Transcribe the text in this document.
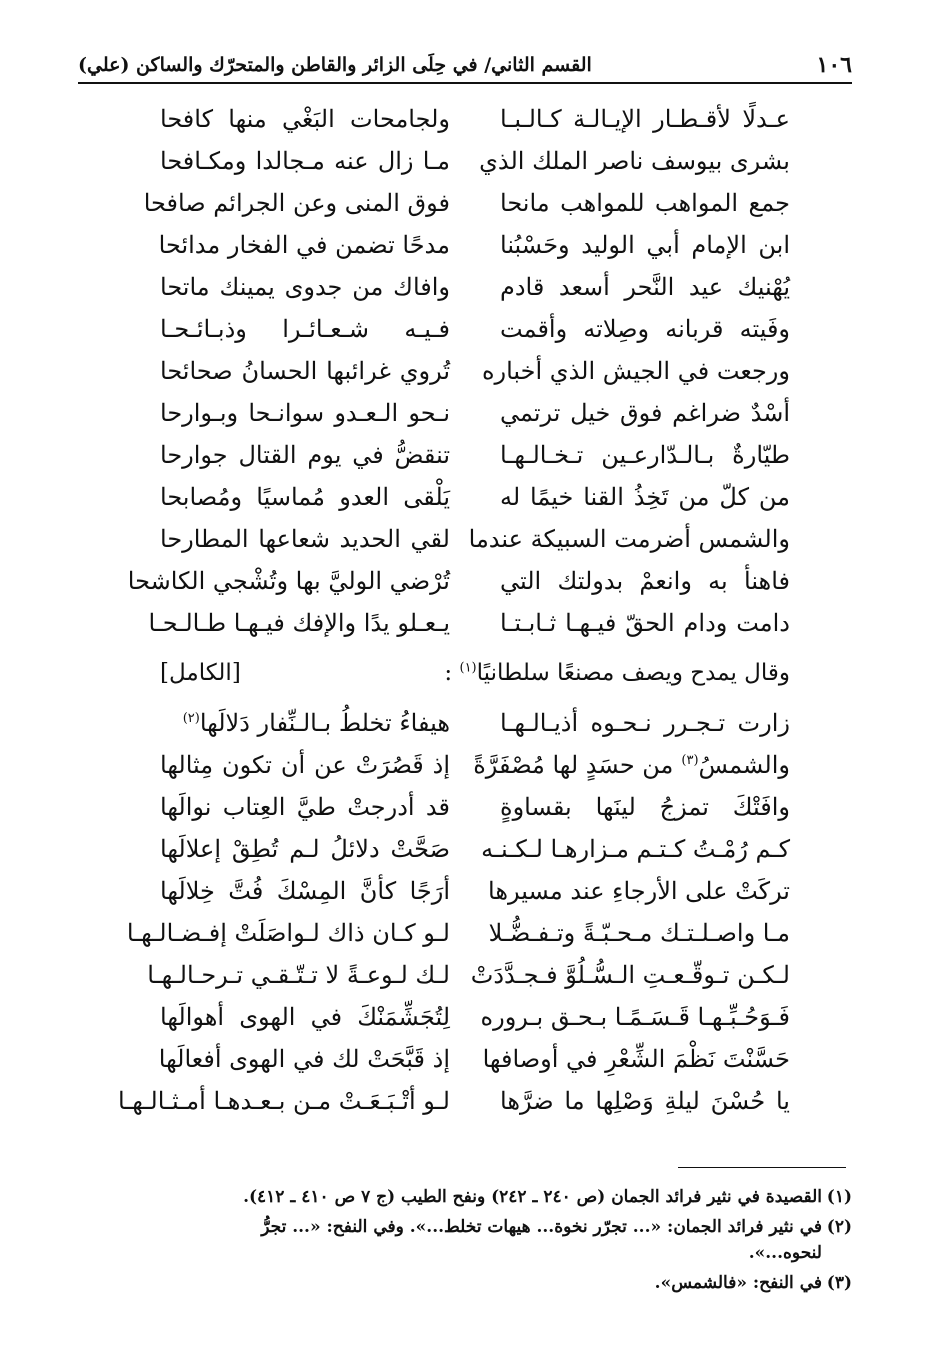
١٠٦
القسم الثاني/ في حِلَى الزائر والقاطن والمتحرّك والساكن (علي)
عـدلًا لأقـطـار الإيـالـة كـالـبـا
ولجامحات البَغْي منها كافحا
بشرى بيوسف ناصر الملك الذي
مـا زال عنه مـجالدا ومكـافحا
جمع المواهب للمواهب مانحا
فوق المنى وعن الجرائم صافحا
ابن الإمام أبي الوليد وحَسْبُنا
مدحًا تضمن في الفخار مدائحا
يُهْنيك عيد النَّحر أسعد قادم
وافاك من جدوى يمينك ماتحا
وفَيته قربانه وصِلاته وأقمت
فـيـه شـعـائـرا وذبـائـحـا
ورجعت في الجيش الذي أخباره
تُروي غرائبها الحسانُ صحائحا
أسْدٌ ضراغم فوق خيل ترتمي
نـحو الـعـدو سوانـحا وبـوارحا
طيّارةٌ بـالـدّارعـين تـخـالـهـا
تنقضُّ في يوم القتال جوارحا
من كلّ من تَخِذُ القنا خيمًا له
يَلْقى العدو مُماسيًا ومُصابحا
والشمس أضرمت السبيكة عندما
لقي الحديد شعاعها المطارحا
فاهنأ به وانعمْ بدولتك التي
تُرْضي الوليَّ بها وتُشْجي الكاشحا
دامت ودام الحقّ فيـهـا ثـابـتـا
يـعـلو يدًا والإفك فيـهـا طـالـحـا
وقال يمدح ويصف مصنعًا سلطانيًا$^{(١)}$ :
[الكامل]
زارت تـجـرر نـحـوه أذيـالـهـا
هيفاءُ تخلطُ بـالـنِّفار دَلالَها$^{(٢)}$
والشمسُ$^{(٣)}$من حسَدٍ لها مُصْفَرَّةً
إذ قَصُرَتْ عن أن تكون مِثالها
وافَتْكَ تمزجُ لينَها بقساوةٍ
قد أدرجتْ طيَّ العِتاب نوالَها
كـم رُمْـتُ كـتـم مـزارهـا لـكـنـه
صَحَّتْ دلائلُ لـم تُطِقْ إعلالَها
تركَتْ على الأرجاءِ عند مسيرها
أرَجًا كأنَّ المِسْكَ فُتَّ خِلالَها
مـا واصـلـتـك مـحـبّـةً وتـفـضُّـلا
لـو كـان ذاك لـواصَلَتْ إفـضـالـهـا
لـكـن تـوقّـعـتِ الـسُّـلُوَّ فـجـدَّدَتْ
لـك لـوعـةً لا تـتّـقـي تـرحـالـهـا
فَـوَحُـبِّـهـا قَـسَـمًـا بـحـق بـروره
لِتُجَشِّمَنْكَ في الهوى أهوالَها
حَسَّنْتَ نَظْمَ الشِّعْرِ في أوصافها
إذ قَبَّحَتْ لك في الهوى أفعالَها
يا حُسْنَ ليلةِ وَصْلِها ما ضرَّها
لـو أتْـبَـعَـتْ مـن بـعـدهـا أمـثـالـهـا
(١)القصيدة في نثير فرائد الجمان (ص ٢٤٠ ـ ٢٤٢) ونفح الطيب (ج ٧ ص ٤١٠ ـ ٤١٢).
(٢)في نثير فرائد الجمان: «... تجرّر نخوة... هيهات تخلط...». وفي النفح: «... تجرُّ
لنحوه...».
(٣)في النفح: «فالشمس».
